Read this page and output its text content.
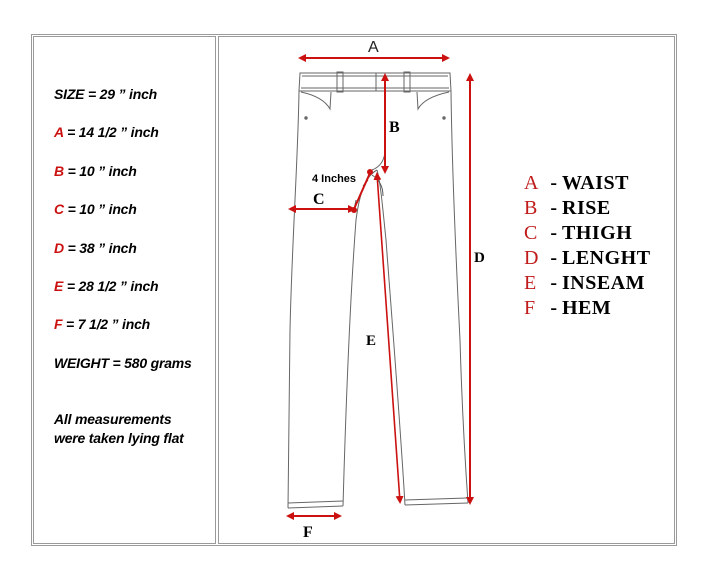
SIZE = 29 ” inch
A = 14 1/2 ” inch
B = 10 ” inch
C = 10 ” inch
D = 38 ” inch
E = 28 1/2 ” inch
F = 7 1/2 ” inch
WEIGHT = 580 grams
All measurements
were taken lying flat
A
B
C
D
E
F
4 Inches	A - WAIST
B - RISE
C - THIGH
D - LENGHT
E - INSEAM
F - HEM
